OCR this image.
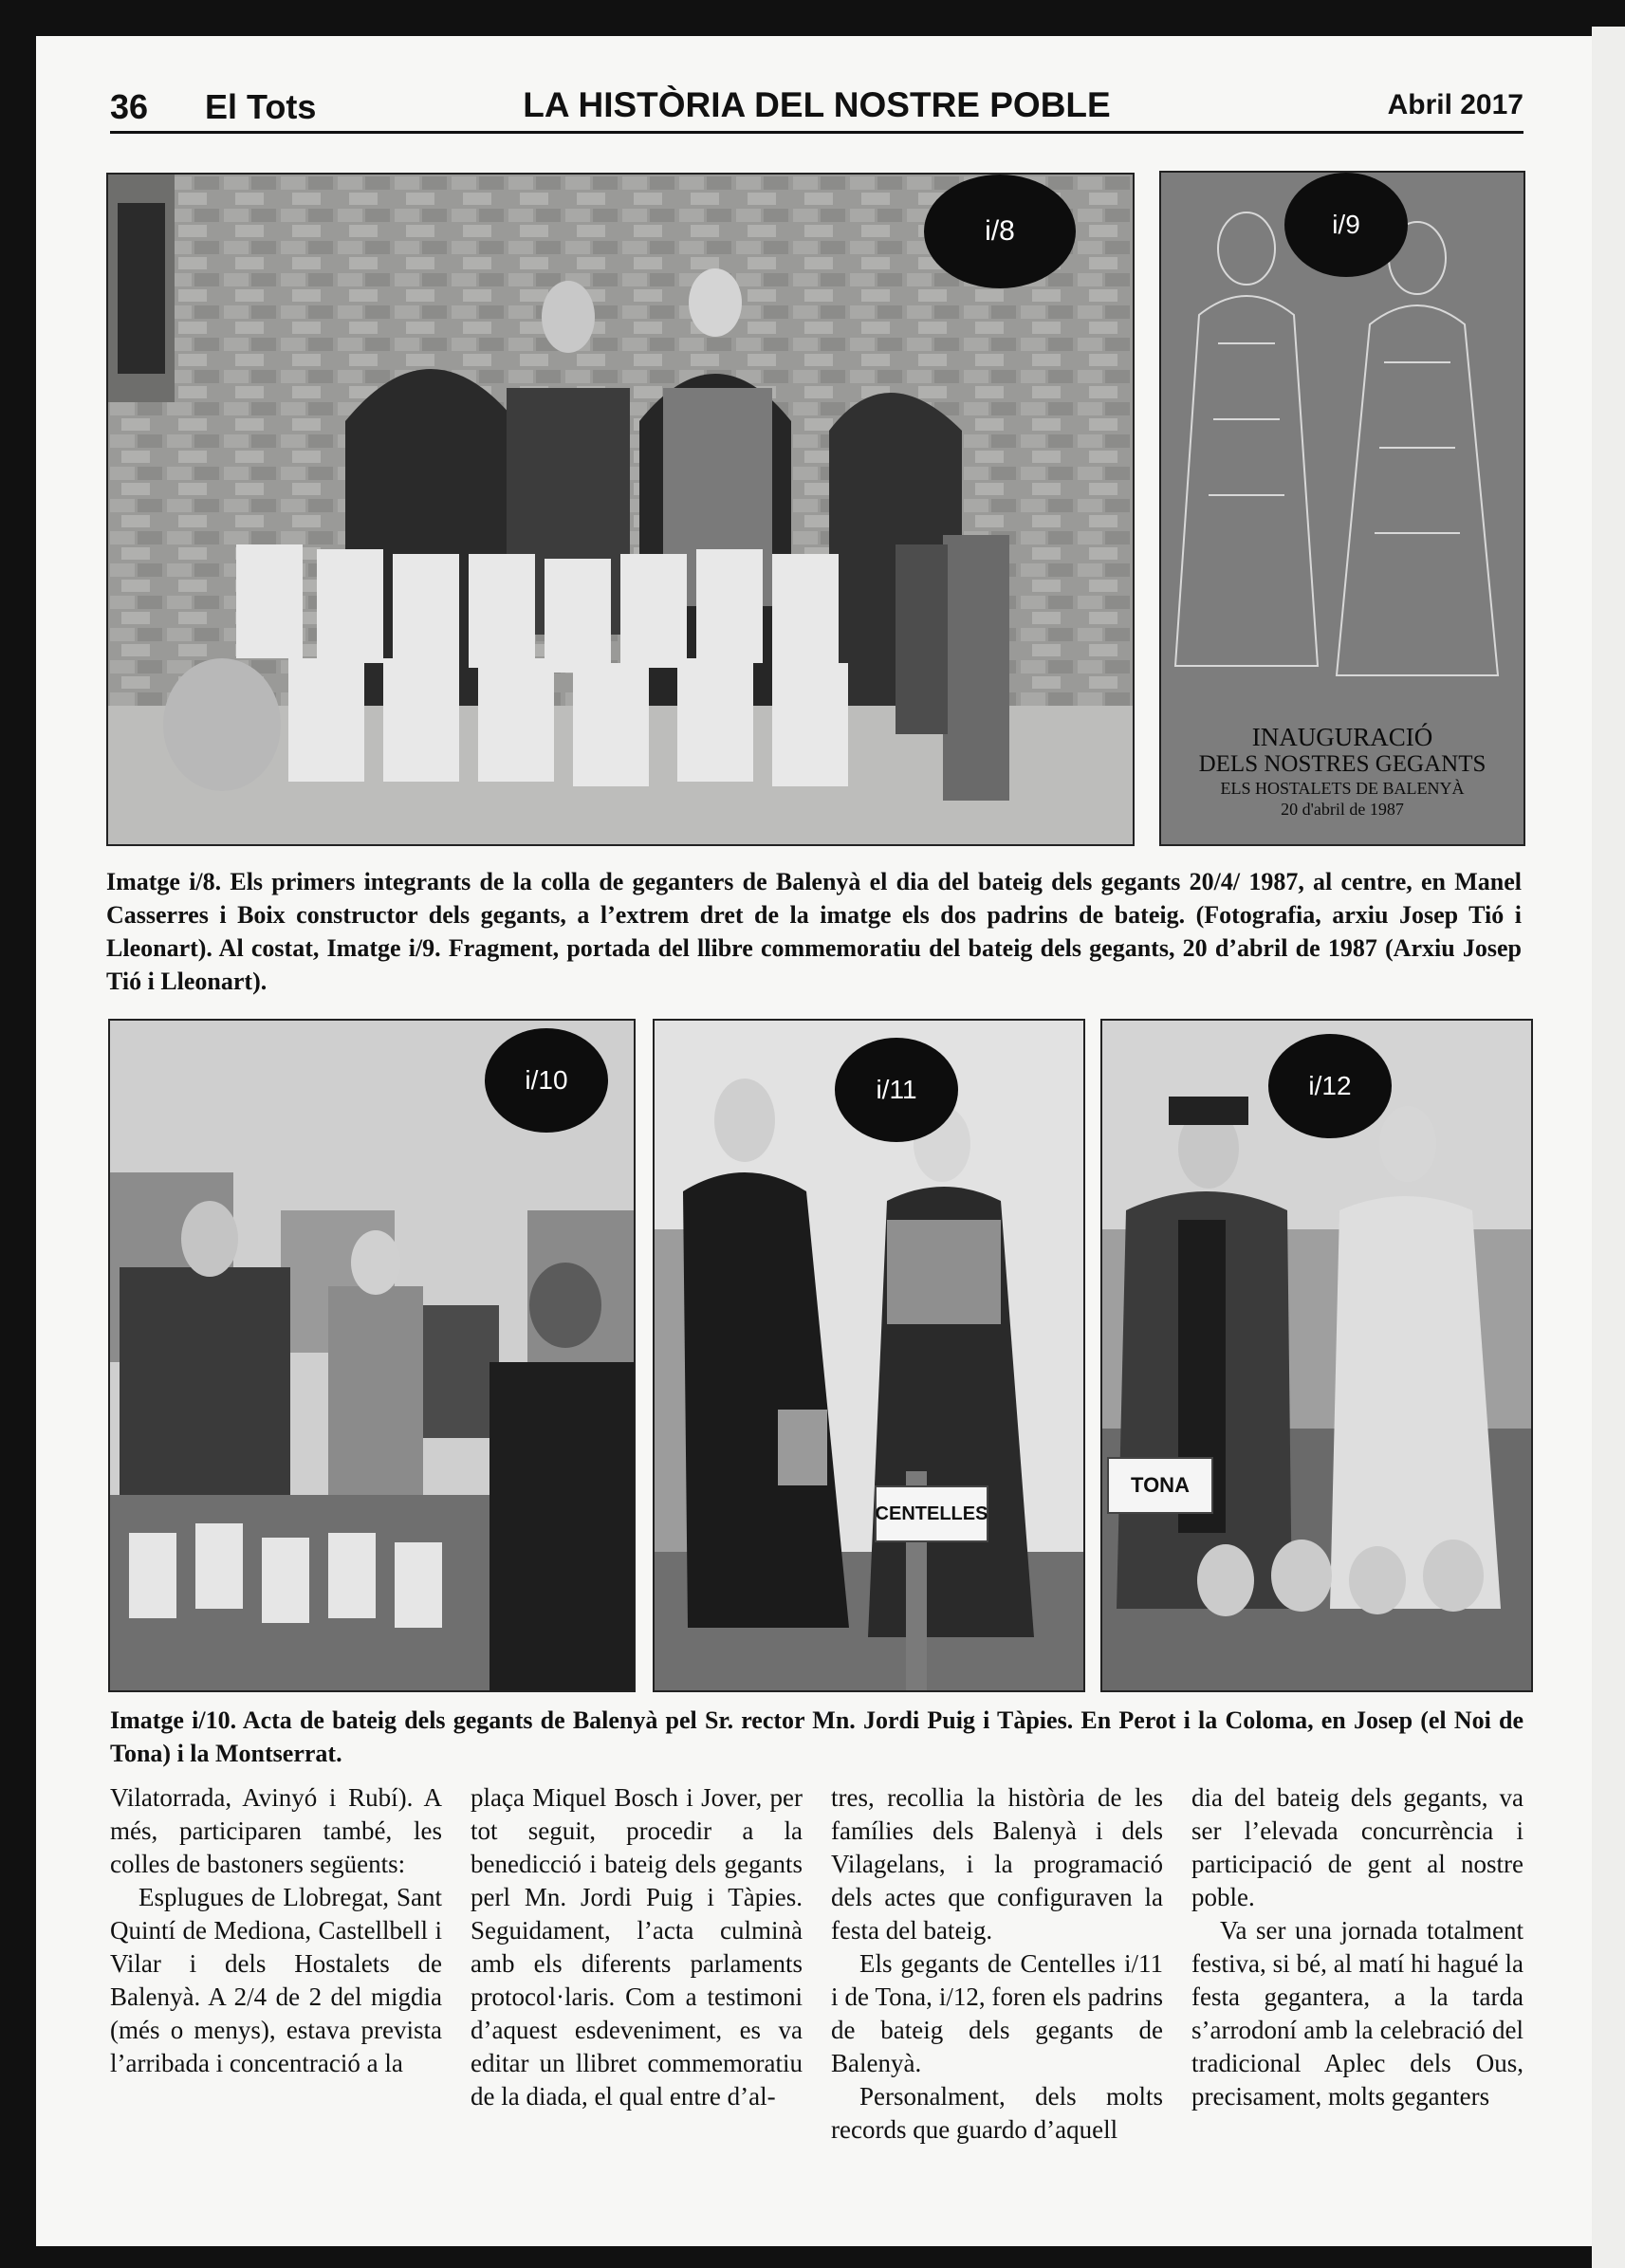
36 El Tots	LA HISTÒRIA DEL NOSTRE POBLE	Abril 2017
i/8	i/9
INAUGURACIÓ
DELS NOSTRES GEGANTS
ELS HOSTALETS DE BALENYÀ
20 d'abril de 1987
Imatge i/8. Els primers integrants de la colla de geganters de Balenyà el dia del bateig dels gegants 20/4/ 1987, al centre, en Manel Casserres i Boix constructor dels gegants, a l’extrem dret de la imatge els dos padrins de bateig. (Fotografia, arxiu Josep Tió i Lleonart). Al costat, Imatge i/9. Fragment, portada del llibre commemoratiu del bateig dels gegants, 20 d’abril de 1987 (Arxiu Josep Tió i Lleonart).
i/10	i/11
CENTELLES
i/12
TONA
Imatge i/10. Acta de bateig dels gegants de Balenyà pel Sr. rector Mn. Jordi Puig i Tàpies. En Perot i la Coloma, en Josep (el Noi de Tona) i la Montserrat.

Vilatorrada, Avinyó i Rubí). A més, participaren també, les colles de bastoners següents:

Esplugues de Llobregat, Sant Quintí de Mediona, Castellbell i Vilar i dels Hostalets de Balenyà. A 2/4 de 2 del migdia (més o menys), estava prevista l’arribada i concentració a la

plaça Miquel Bosch i Jover, per tot seguit, procedir a la benedicció i bateig dels gegants perl Mn. Jordi Puig i Tàpies. Seguidament, l’acta culminà amb els diferents parlaments protocol·laris. Com a testimoni d’aquest esdeveniment, es va editar un llibret commemoratiu de la diada, el qual entre d’al-

tres, recollia la història de les famílies dels Balenyà i dels Vilagelans, i la programació dels actes que configuraven la festa del bateig.

Els gegants de Centelles i/11 i de Tona, i/12, foren els padrins de bateig dels gegants de Balenyà.

Personalment, dels molts records que guardo d’aquell

dia del bateig dels gegants, va ser l’elevada concurrència i participació de gent al nostre poble.

Va ser una jornada totalment festiva, si bé, al matí hi hagué la festa gegantera, a la tarda s’arrodoní amb la celebració del tradicional Aplec dels Ous, precisament, molts geganters
